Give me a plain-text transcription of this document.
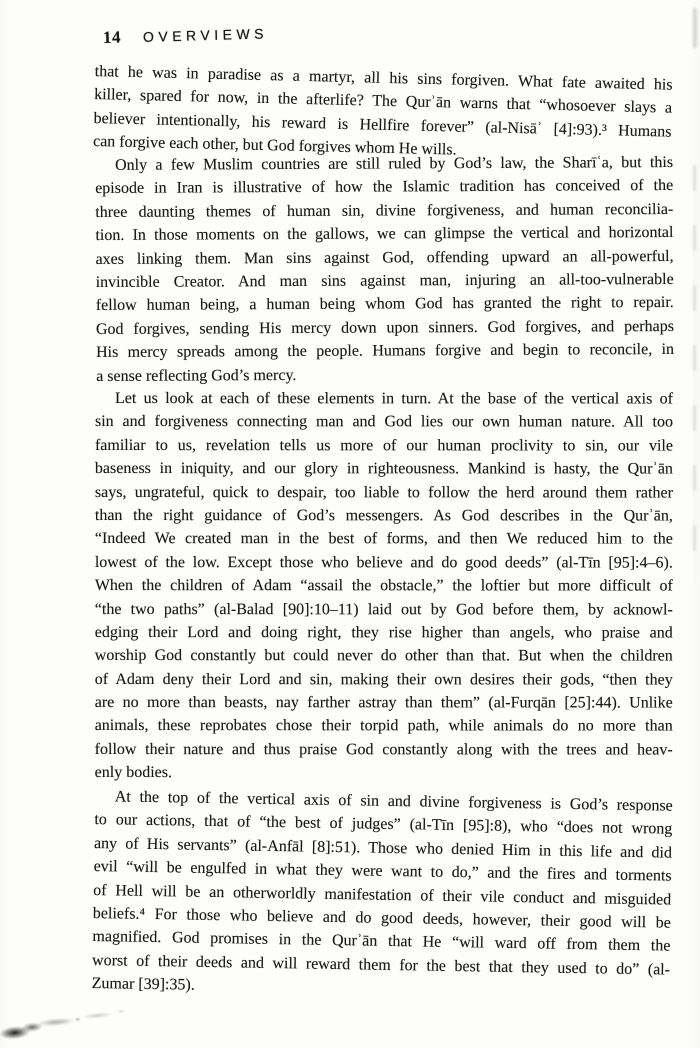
14 OVERVIEWS
that he was in paradise as a martyr, all his sins forgiven. What fate awaited his
killer, spared for now, in the afterlife? The Qurʾān warns that “whosoever slays a
believer intentionally, his reward is Hellfire forever” (al-Nisāʾ [4]:93).³ Humans
can forgive each other, but God forgives whom He wills.
Only a few Muslim countries are still ruled by God’s law, the Sharīʿa, but this
episode in Iran is illustrative of how the Islamic tradition has conceived of the
three daunting themes of human sin, divine forgiveness, and human reconcilia-
tion. In those moments on the gallows, we can glimpse the vertical and horizontal
axes linking them. Man sins against God, offending upward an all-powerful,
invincible Creator. And man sins against man, injuring an all-too-vulnerable
fellow human being, a human being whom God has granted the right to repair.
God forgives, sending His mercy down upon sinners. God forgives, and perhaps
His mercy spreads among the people. Humans forgive and begin to reconcile, in
a sense reflecting God’s mercy.
Let us look at each of these elements in turn. At the base of the vertical axis of
sin and forgiveness connecting man and God lies our own human nature. All too
familiar to us, revelation tells us more of our human proclivity to sin, our vile
baseness in iniquity, and our glory in righteousness. Mankind is hasty, the Qurʾān
says, ungrateful, quick to despair, too liable to follow the herd around them rather
than the right guidance of God’s messengers. As God describes in the Qurʾān,
“Indeed We created man in the best of forms, and then We reduced him to the
lowest of the low. Except those who believe and do good deeds” (al-Tīn [95]:4–6).
When the children of Adam “assail the obstacle,” the loftier but more difficult of
“the two paths” (al-Balad [90]:10–11) laid out by God before them, by acknowl-
edging their Lord and doing right, they rise higher than angels, who praise and
worship God constantly but could never do other than that. But when the children
of Adam deny their Lord and sin, making their own desires their gods, “then they
are no more than beasts, nay farther astray than them” (al-Furqān [25]:44). Unlike
animals, these reprobates chose their torpid path, while animals do no more than
follow their nature and thus praise God constantly along with the trees and heav-
enly bodies.
At the top of the vertical axis of sin and divine forgiveness is God’s response
to our actions, that of “the best of judges” (al-Tīn [95]:8), who “does not wrong
any of His servants” (al-Anfāl [8]:51). Those who denied Him in this life and did
evil “will be engulfed in what they were want to do,” and the fires and torments
of Hell will be an otherworldly manifestation of their vile conduct and misguided
beliefs.⁴ For those who believe and do good deeds, however, their good will be
magnified. God promises in the Qurʾān that He “will ward off from them the
worst of their deeds and will reward them for the best that they used to do” (al-
Zumar [39]:35).
